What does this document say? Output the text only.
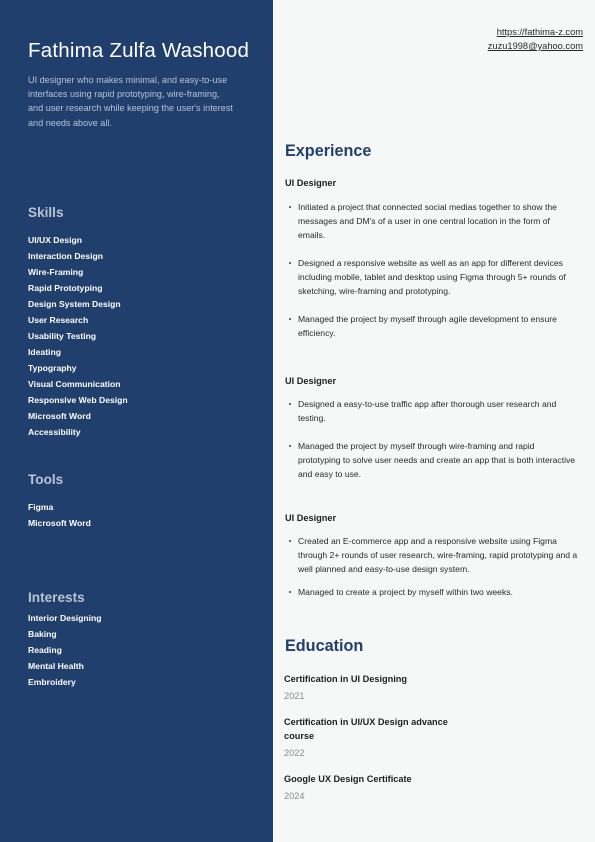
Fathima Zulfa Washood

UI designer who makes minimal, and easy-to-use interfaces using rapid prototyping, wire-framing, and user research while keeping the user's interest and needs above all.

Skills
UI/UX Design
Interaction Design
Wire-Framing
Rapid Prototyping
Design System Design
User Research
Usability Testing
Ideating
Typography
Visual Communication
Responsive Web Design
Microsoft Word
Accessibility
Tools
Figma
Microsoft Word
Interests
Interior Designing
Baking
Reading
Mental Health
Embroidery
https://fathima-z.com
zuzu1998@yahoo.com
Experience
UI Designer
Initiated a project that connected social medias together to show the messages and DM's of a user in one central location in the form of emails.
Designed a responsive website as well as an app for different devices including mobile, tablet and desktop using Figma through 5+ rounds of sketching, wire-framing and prototyping.
Managed the project by myself through agile development to ensure efficiency.
UI Designer
Designed a easy-to-use traffic app after thorough user research and testing.
Managed the project by myself through wire-framing and rapid prototyping to solve user needs and create an app that is both interactive and easy to use.
UI Designer
Created an E-commerce app and a responsive website using Figma through 2+ rounds of user research, wire-framing, rapid prototyping and a well planned and easy-to-use design system.
Managed to create a project by myself within two weeks.
Education
Certification in UI Designing
2021
Certification in UI/UX Design advance course
2022
Google UX Design Certificate
2024
